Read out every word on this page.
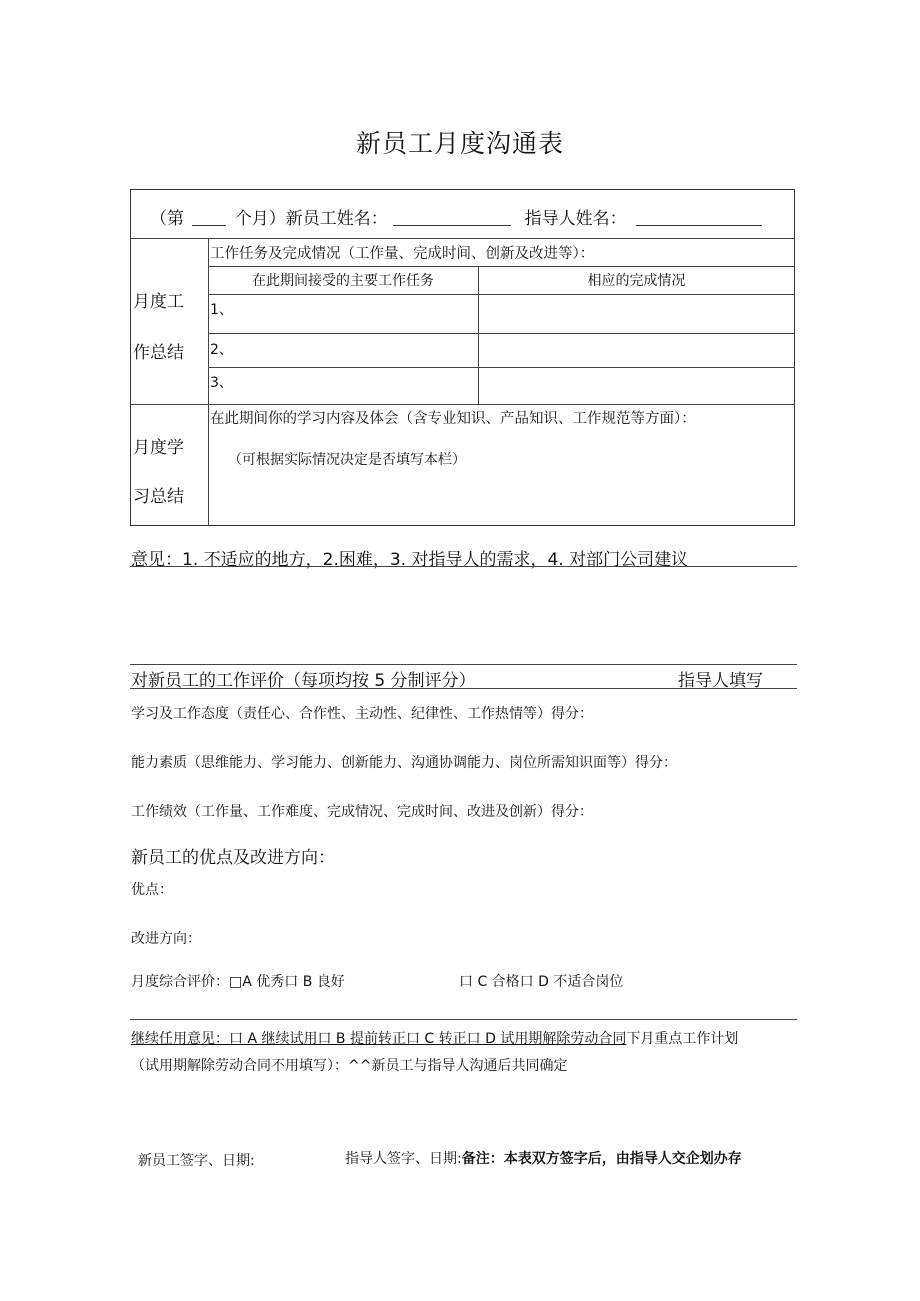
新员工月度沟通表
（第	个月）新员工姓名：	指导人姓名：
月度工
作总结
工作任务及完成情况（工作量、完成时间、创新及改进等）：
在此期间接受的主要工作任务	相应的完成情况
1、
2、
3、
月度学
习总结
在此期间你的学习内容及体会（含专业知识、产品知识、工作规范等方面）：
（可根据实际情况决定是否填写本栏）
意见：1. 不适应的地方，2.困难，3. 对指导人的需求，4. 对部门公司建议
对新员工的工作评价（每项均按 5 分制评分）	指导人填写
学习及工作态度（责任心、合作性、主动性、纪律性、工作热情等）得分：
能力素质（思维能力、学习能力、创新能力、沟通协调能力、岗位所需知识面等）得分：
工作绩效（工作量、工作难度、完成情况、完成时间、改进及创新）得分：
新员工的优点及改进方向：
优点：
改进方向：
月度综合评价：□A 优秀口 B 良好	口 C 合格口 D 不适合岗位
继续任用意见：口 A 继续试用口 B 提前转正口 C 转正口 D 试用期解除劳动合同下月重点工作计划
（试用期解除劳动合同不用填写）：^^新员工与指导人沟通后共同确定
新员工签字、日期:	指导人签字、日期:备注：本表双方签字后，由指导人交企划办存
